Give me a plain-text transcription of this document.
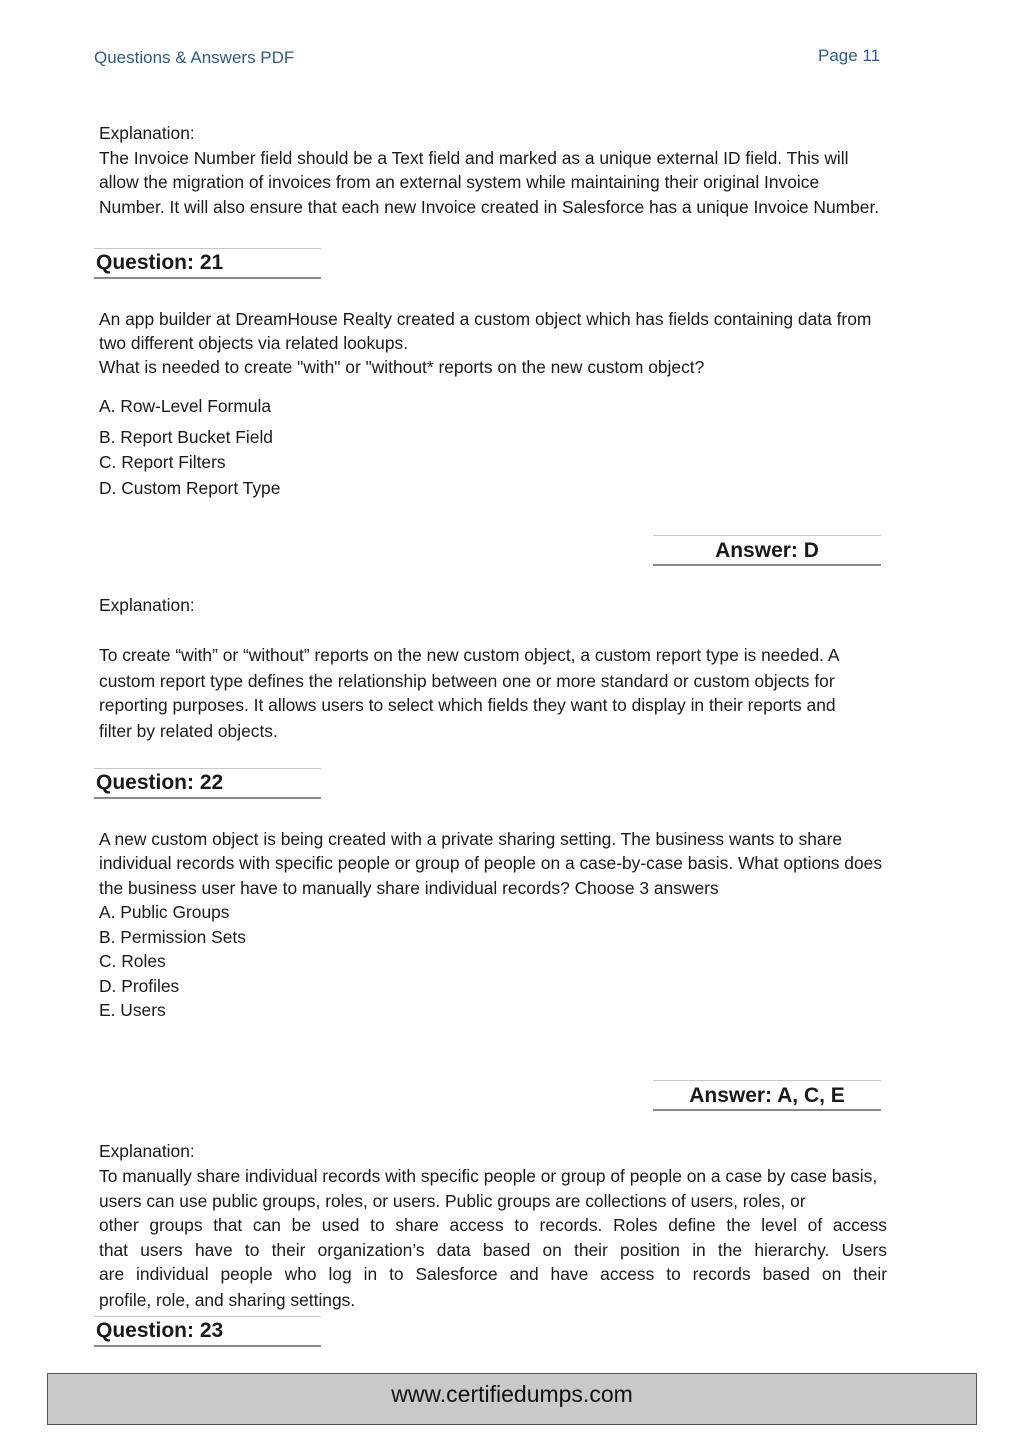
Questions & Answers PDF	Page 11
Explanation:
The Invoice Number field should be a Text field and marked as a unique external ID field. This will
allow the migration of invoices from an external system while maintaining their original Invoice
Number. It will also ensure that each new Invoice created in Salesforce has a unique Invoice Number.
Question: 21
An app builder at DreamHouse Realty created a custom object which has fields containing data from
two different objects via related lookups.
What is needed to create "with" or "without* reports on the new custom object?
A. Row-Level Formula
B. Report Bucket Field
C. Report Filters
D. Custom Report Type
Answer: D
Explanation:
To create “with” or “without” reports on the new custom object, a custom report type is needed. A
custom report type defines the relationship between one or more standard or custom objects for
reporting purposes. It allows users to select which fields they want to display in their reports and
filter by related objects.
Question: 22
A new custom object is being created with a private sharing setting. The business wants to share
individual records with specific people or group of people on a case-by-case basis. What options does
the business user have to manually share individual records? Choose 3 answers
A. Public Groups
B. Permission Sets
C. Roles
D. Profiles
E. Users
Answer: A, C, E
Explanation:
To manually share individual records with specific people or group of people on a case by case basis,
users can use public groups, roles, or users. Public groups are collections of users, roles, or
other groups that can be used to share access to records. Roles define the level of access
that users have to their organization’s data based on their position in the hierarchy. Users
are individual people who log in to Salesforce and have access to records based on their
profile, role, and sharing settings.
Question: 23
www.certifiedumps.com
